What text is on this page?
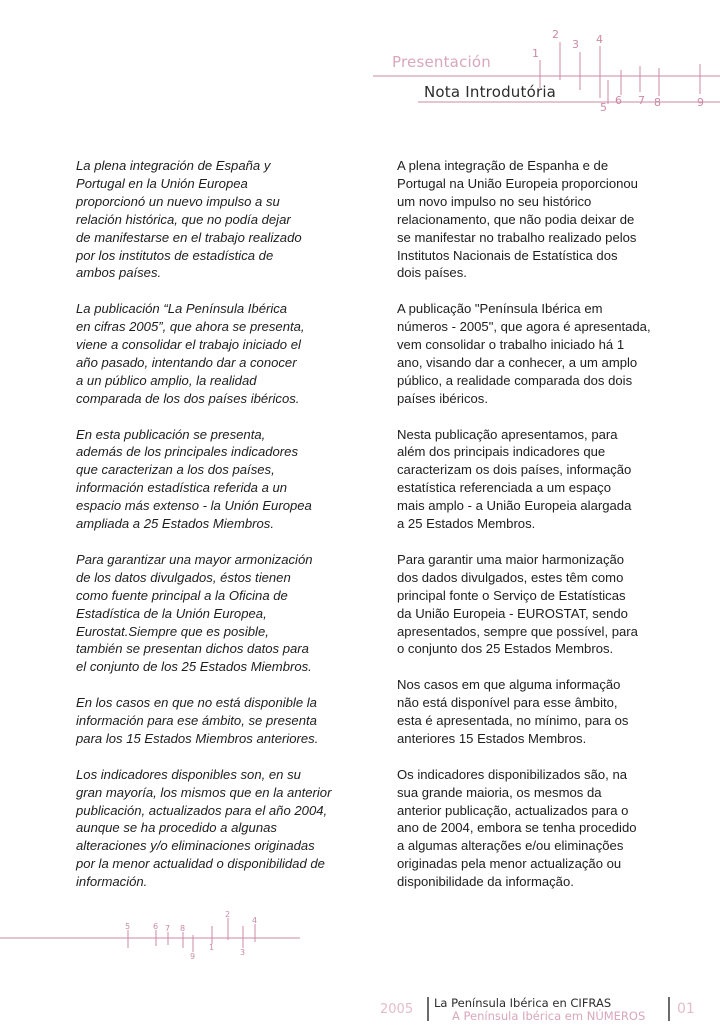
1
2
3 4
5
6 7 8	9
5	6 7 8
9
1
2
3
4
Presentación
Nota Introdutória

La plena integración de España y
Portugal en la Unión Europea
proporcionó un nuevo impulso a su
relación histórica, que no podía dejar
de manifestarse en el trabajo realizado
por los institutos de estadística de
ambos países.

La publicación “La Península Ibérica
en cifras 2005”, que ahora se presenta,
viene a consolidar el trabajo iniciado el
año pasado, intentando dar a conocer
a un público amplio, la realidad
comparada de los dos países ibéricos.

En esta publicación se presenta,
además de los principales indicadores
que caracterizan a los dos países,
información estadística referida a un
espacio más extenso - la Unión Europea
ampliada a 25 Estados Miembros.

Para garantizar una mayor armonización
de los datos divulgados, éstos tienen
como fuente principal a la Oficina de
Estadística de la Unión Europea,
Eurostat.Siempre que es posible,
también se presentan dichos datos para
el conjunto de los 25 Estados Miembros.

En los casos en que no está disponible la
información para ese ámbito, se presenta
para los 15 Estados Miembros anteriores.

Los indicadores disponibles son, en su
gran mayoría, los mismos que en la anterior
publicación, actualizados para el año 2004,
aunque se ha procedido a algunas
alteraciones y/o eliminaciones originadas
por la menor actualidad o disponibilidad de
información.

A plena integração de Espanha e de
Portugal na União Europeia proporcionou
um novo impulso no seu histórico
relacionamento, que não podia deixar de
se manifestar no trabalho realizado pelos
Institutos Nacionais de Estatística dos
dois países.

A publicação "Península Ibérica em
números - 2005", que agora é apresentada,
vem consolidar o trabalho iniciado há 1
ano, visando dar a conhecer, a um amplo
público, a realidade comparada dos dois
países ibéricos.

Nesta publicação apresentamos, para
além dos principais indicadores que
caracterizam os dois países, informação
estatística referenciada a um espaço
mais amplo - a União Europeia alargada
a 25 Estados Membros.

Para garantir uma maior harmonização
dos dados divulgados, estes têm como
principal fonte o Serviço de Estatísticas
da União Europeia - EUROSTAT, sendo
apresentados, sempre que possível, para
o conjunto dos 25 Estados Membros.

Nos casos em que alguma informação
não está disponível para esse âmbito,
esta é apresentada, no mínimo, para os
anteriores 15 Estados Membros.

Os indicadores disponibilizados são, na
sua grande maioria, os mesmos da
anterior publicação, actualizados para o
ano de 2004, embora se tenha procedido
a algumas alterações e/ou eliminações
originadas pela menor actualização ou
disponibilidade da informação.

2005 La Península Ibérica en CIFRAS
A Península Ibérica em NÚMEROS 01
